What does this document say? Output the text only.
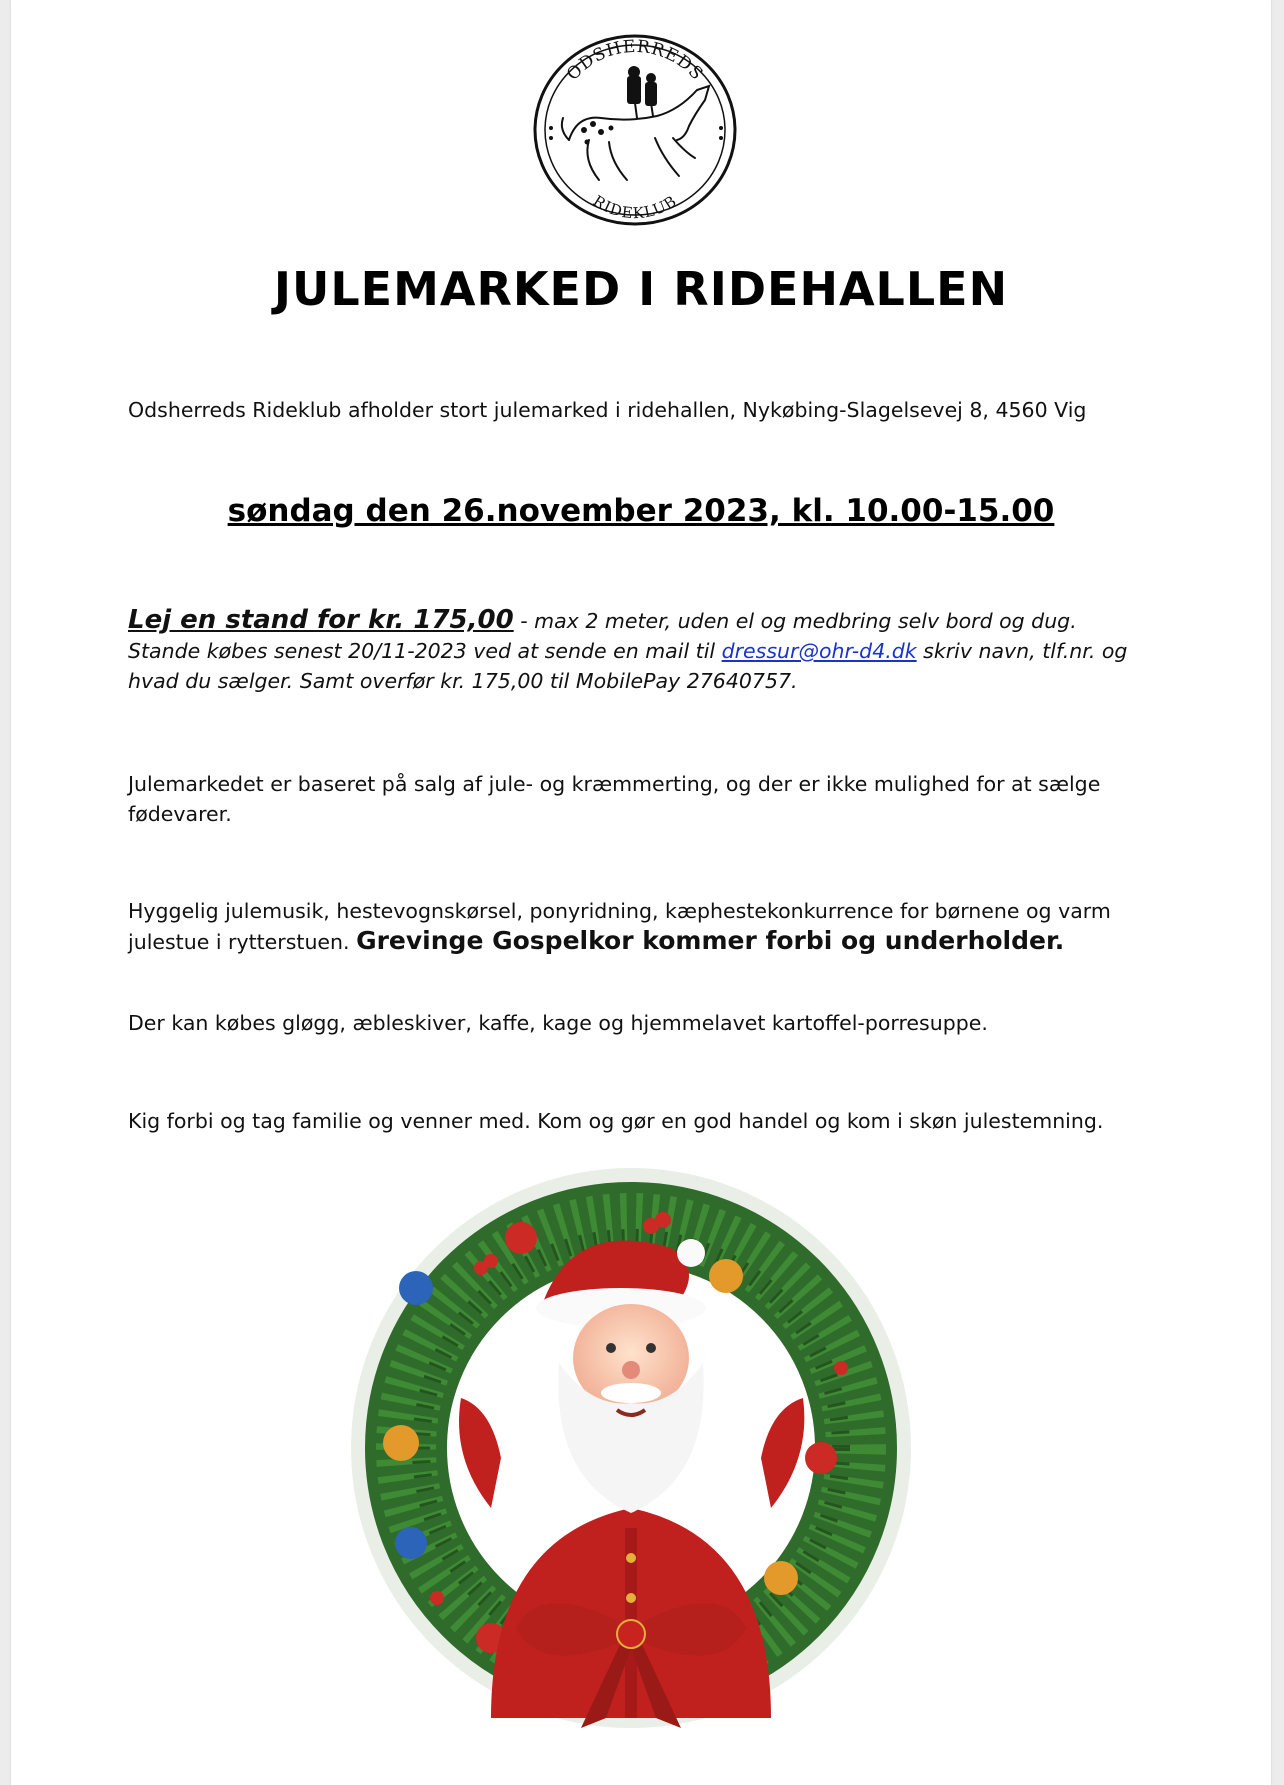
ODSHERREDS
RIDEKLUB
JULEMARKED I RIDEHALLEN
Odsherreds Rideklub afholder stort julemarked i ridehallen, Nykøbing-Slagelsevej 8, 4560 Vig
søndag den 26.november 2023, kl. 10.00-15.00
Lej en stand for kr. 175,00 - max 2 meter, uden el og medbring selv bord og dug.
Stande købes senest 20/11-2023 ved at sende en mail til dressur@ohr-d4.dk skriv navn, tlf.nr. og hvad du sælger. Samt overfør kr. 175,00 til MobilePay 27640757.
Julemarkedet er baseret på salg af jule- og kræmmerting, og der er ikke mulighed for at sælge fødevarer.
Hyggelig julemusik, hestevognskørsel, ponyridning, kæphestekonkurrence for børnene og varm julestue i rytterstuen. Grevinge Gospelkor kommer forbi og underholder.
Der kan købes gløgg, æbleskiver, kaffe, kage og hjemmelavet kartoffel-porresuppe.
Kig forbi og tag familie og venner med. Kom og gør en god handel og kom i skøn julestemning.
